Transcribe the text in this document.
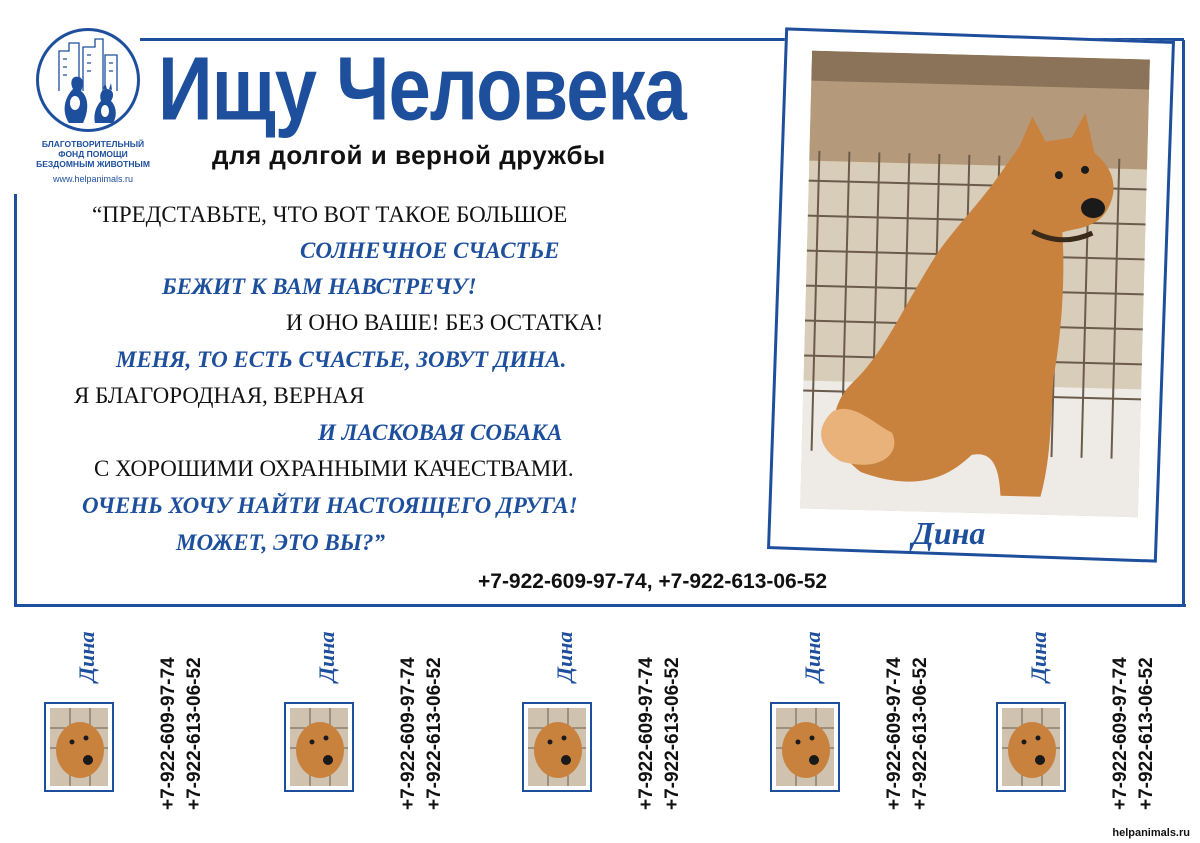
БЛАГОТВОРИТЕЛЬНЫЙ
ФОНД ПОМОЩИ
БЕЗДОМНЫМ ЖИВОТНЫМ
www.helpanimals.ru
Ищу Человека
для долгой и верной дружбы
“ПРЕДСТАВЬТЕ, ЧТО ВОТ ТАКОЕ БОЛЬШОЕ
СОЛНЕЧНОЕ СЧАСТЬЕ
БЕЖИТ К ВАМ НАВСТРЕЧУ!
И ОНО ВАШЕ! БЕЗ ОСТАТКА!
МЕНЯ, ТО ЕСТЬ СЧАСТЬЕ, ЗОВУТ ДИНА.
Я БЛАГОРОДНАЯ, ВЕРНАЯ
И ЛАСКОВАЯ СОБАКА
С ХОРОШИМИ ОХРАННЫМИ КАЧЕСТВАМИ.
ОЧЕНЬ ХОЧУ НАЙТИ НАСТОЯЩЕГО ДРУГА!
МОЖЕТ, ЭТО ВЫ?”
+7-922-609-97-74, +7-922-613-06-52
Дина
Дина
+7-922-609-97-74 +7-922-613-06-52
Дина
+7-922-609-97-74 +7-922-613-06-52
Дина
+7-922-609-97-74 +7-922-613-06-52
Дина
+7-922-609-97-74 +7-922-613-06-52
Дина
+7-922-609-97-74 +7-922-613-06-52
helpanimals.ru
